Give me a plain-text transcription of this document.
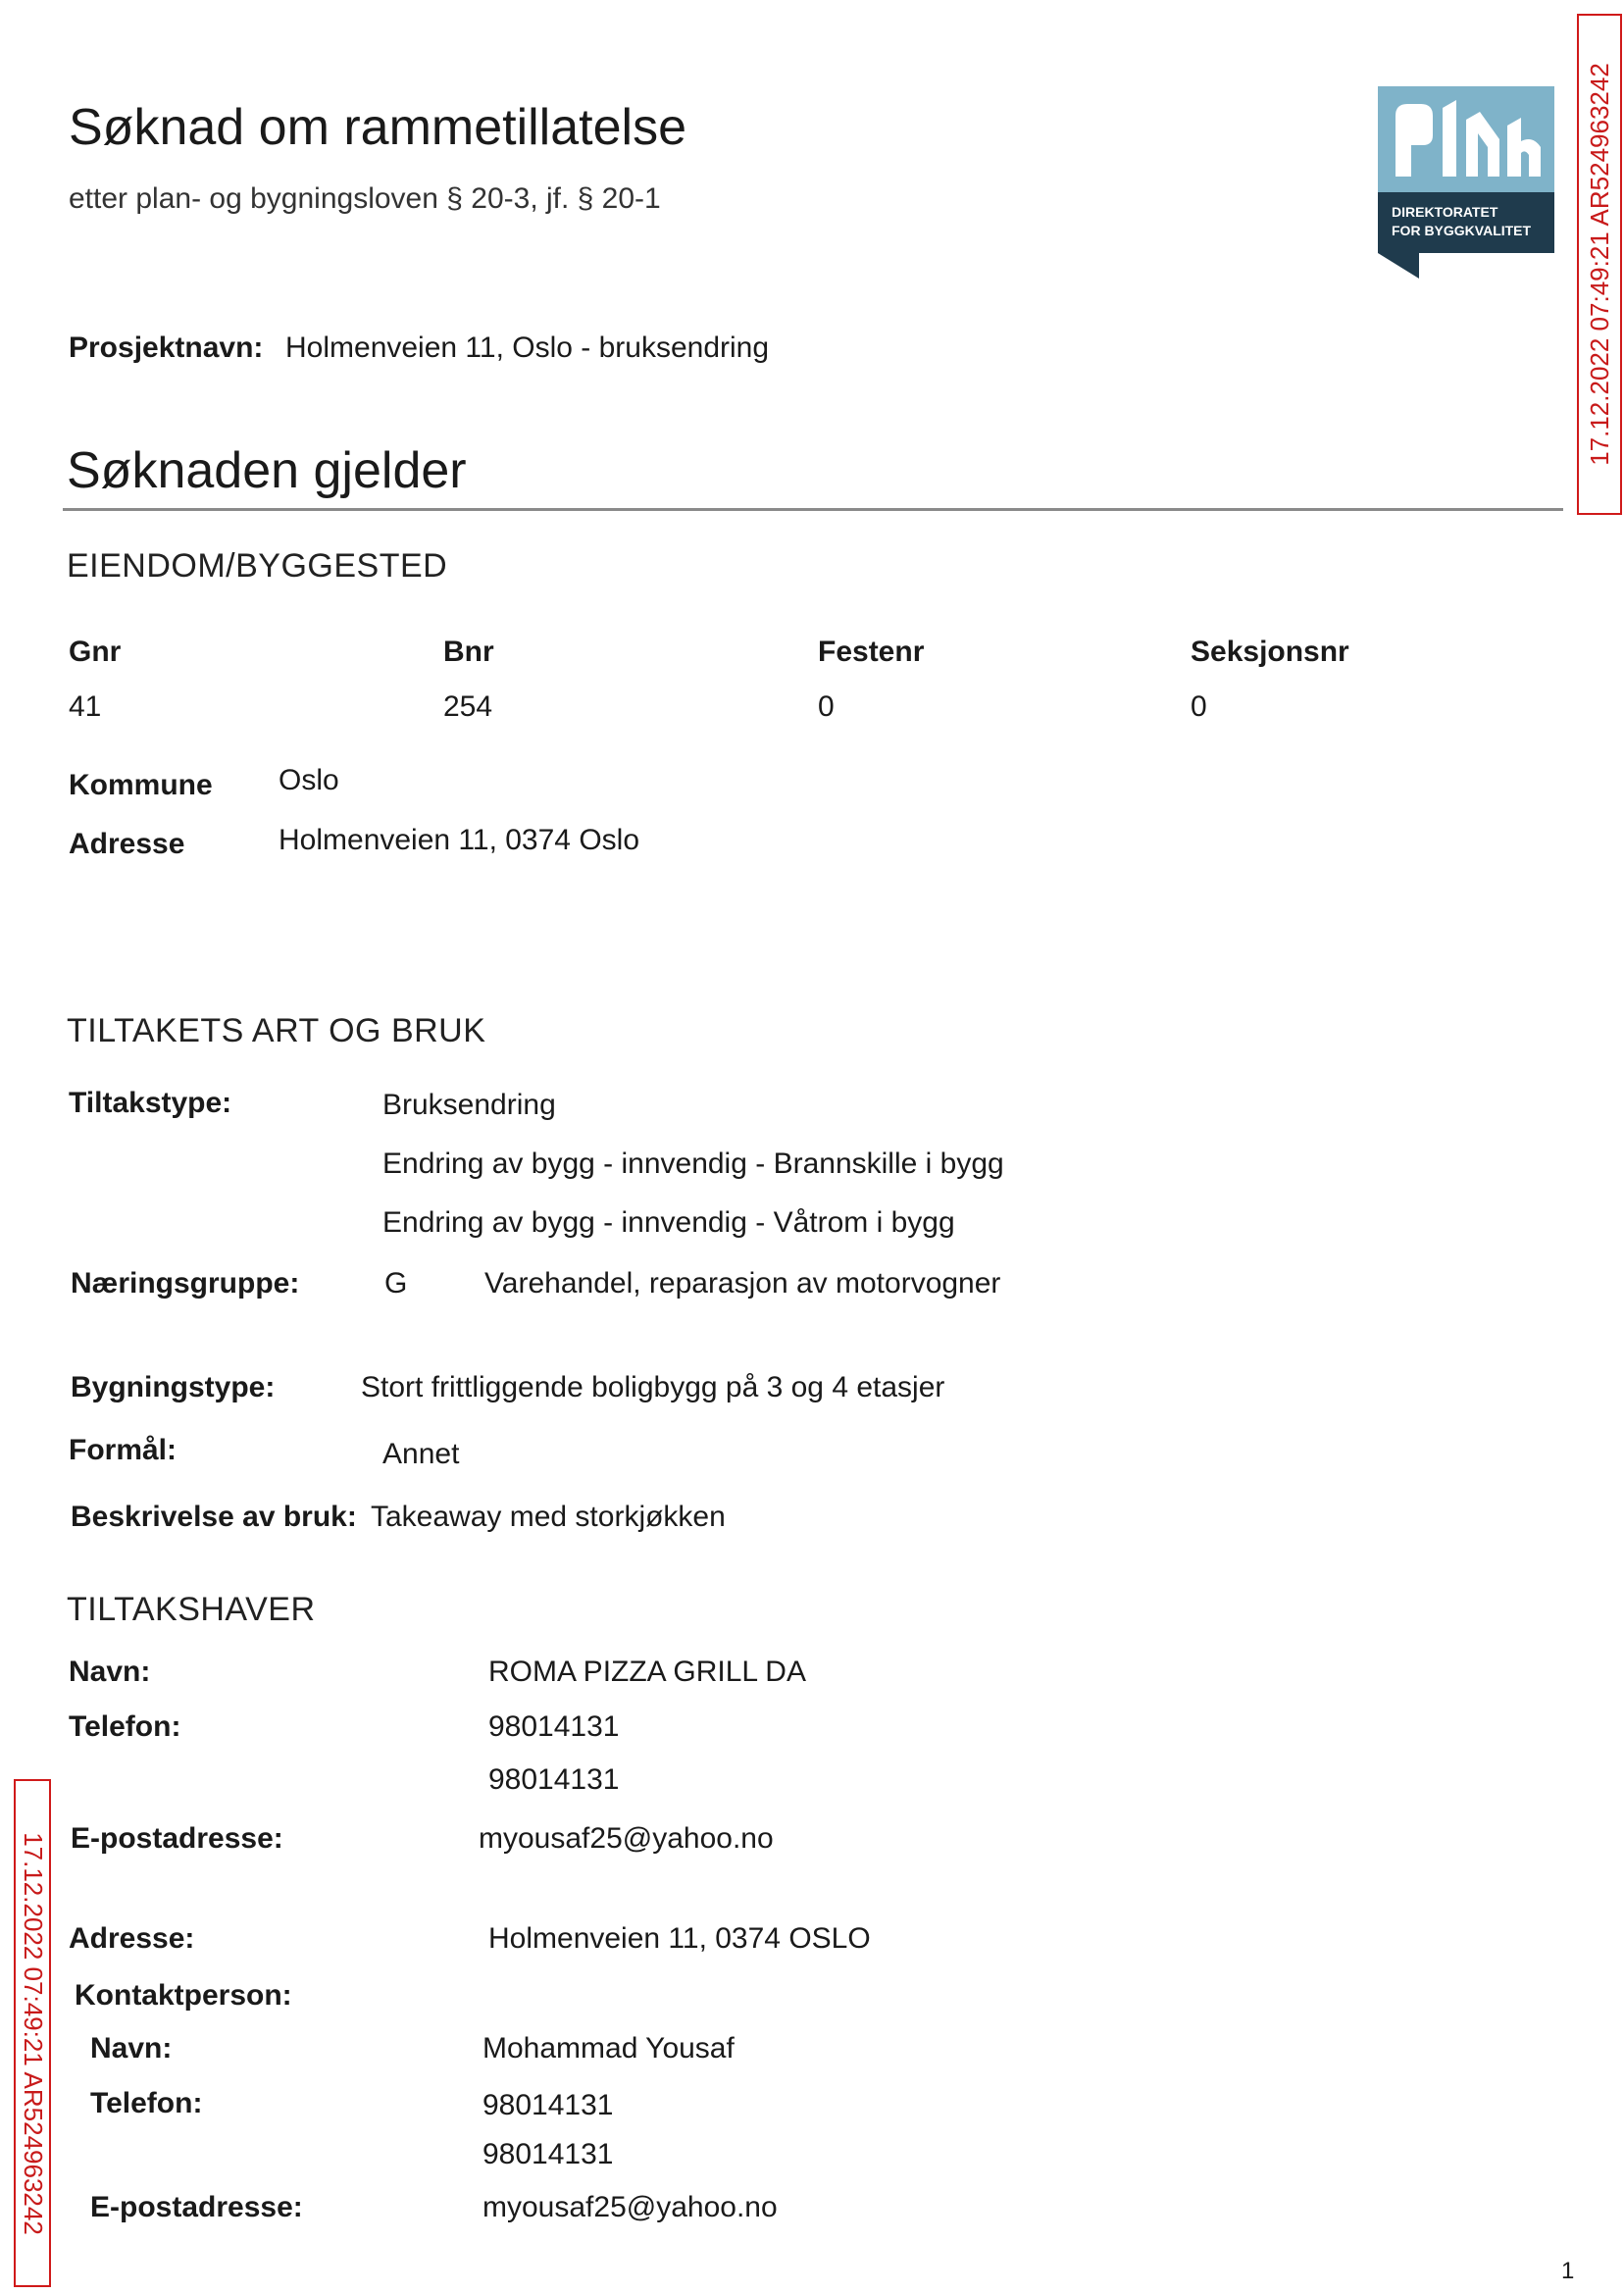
Søknad om rammetillatelse
etter plan- og bygningsloven § 20-3, jf. § 20-1	DIREKTORATET
FOR BYGGKVALITET 17.12.2022 07:49:21 AR524963242
17.12.2022 07:49:21 AR524963242
Prosjektnavn: Holmenveien 11, Oslo - bruksendring
Søknaden gjelder
EIENDOM/BYGGESTED
Gnr	Bnr	Festenr	Seksjonsnr
41	254	0	0
Kommune Oslo
Adresse	Holmenveien 11, 0374 Oslo
TILTAKETS ART OG BRUK
Tiltakstype:	Bruksendring
Endring av bygg - innvendig - Brannskille i bygg
Endring av bygg - innvendig - Våtrom i bygg
Næringsgruppe:	G	Varehandel, reparasjon av motorvogner
Bygningstype:	Stort frittliggende boligbygg på 3 og 4 etasjer
Formål:	Annet
Beskrivelse av bruk: Takeaway med storkjøkken
TILTAKSHAVER
Navn:	ROMA PIZZA GRILL DA
Telefon:	98014131
98014131
E-postadresse:	myousaf25@yahoo.no
Adresse:	Holmenveien 11, 0374 OSLO
Kontaktperson:
Navn:	Mohammad Yousaf
Telefon:	98014131
98014131
E-postadresse:	myousaf25@yahoo.no
1
